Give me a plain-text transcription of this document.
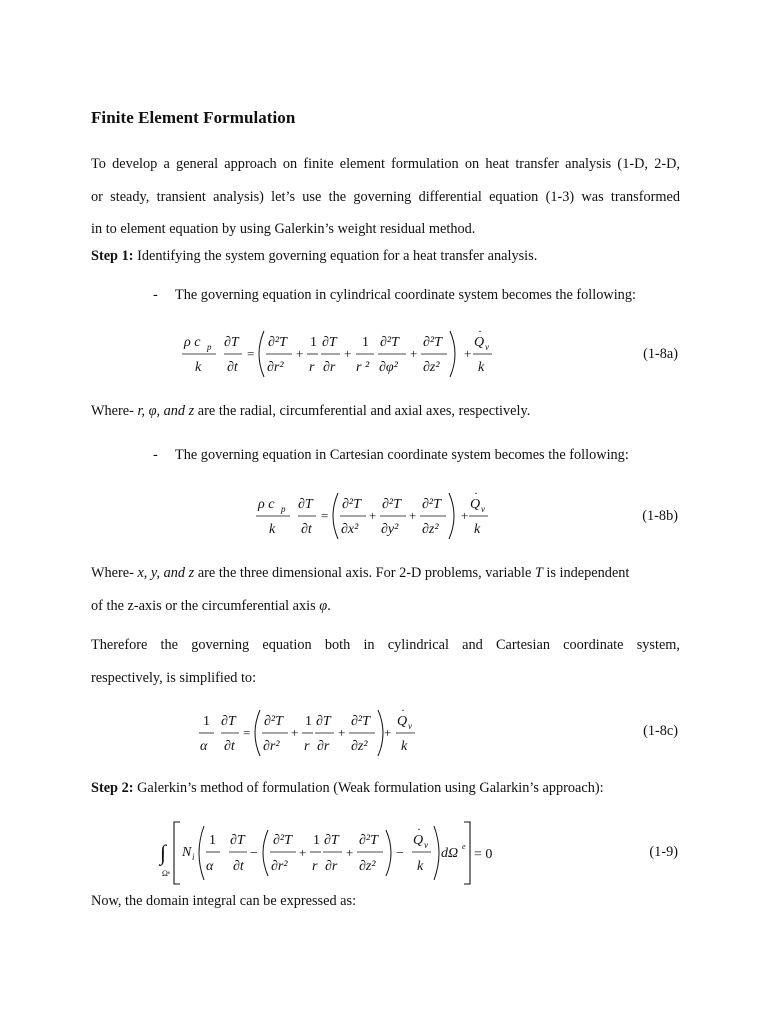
Finite Element Formulation
To develop a general approach on finite element formulation on heat transfer analysis (1-D, 2-D,
or steady, transient analysis) let’s use the governing differential equation (1-3) was transformed
in to element equation by using Galerkin’s weight residual method.

Step 1: Identifying the system governing equation for a heat transfer analysis.

- The governing equation in cylindrical coordinate system becomes the following:

ρ c p
k
∂T
∂t
=
∂²T
∂r²
+
1
r
∂T
∂r
+
1
r ²
∂²T
∂φ²
+
∂²T
∂z²
+
·
Q v
k
(1-8a)

Where- r, φ, and z are the radial, circumferential and axial axes, respectively.

- The governing equation in Cartesian coordinate system becomes the following:

ρ c p
k
∂T
∂t
=
∂²T
∂x²
+
∂²T
∂y²
+
∂²T
∂z²
+
·
Q v
k
(1-8b)
Where- x, y, and z are the three dimensional axis. For 2-D problems, variable T is independent
of the z-axis or the circumferential axis φ.
Therefore the governing equation both in cylindrical and Cartesian coordinate system,
respectively, is simplified to:
1
α
∂T
∂t
=
∂²T
∂r²
+
1
r
∂T
∂r
+
∂²T
∂z²
+
·
Q v
k
(1-8c)

Step 2: Galerkin’s method of formulation (Weak formulation using Galarkin’s approach):

∫
Ωᵉ
N i
1
α
∂T
∂t
−
∂²T
∂r²
+
1
r
∂T
∂r
+
∂²T
∂z²
−
·
Q v
k
dΩ e
= 0	(1-9)

Now, the domain integral can be expressed as:
